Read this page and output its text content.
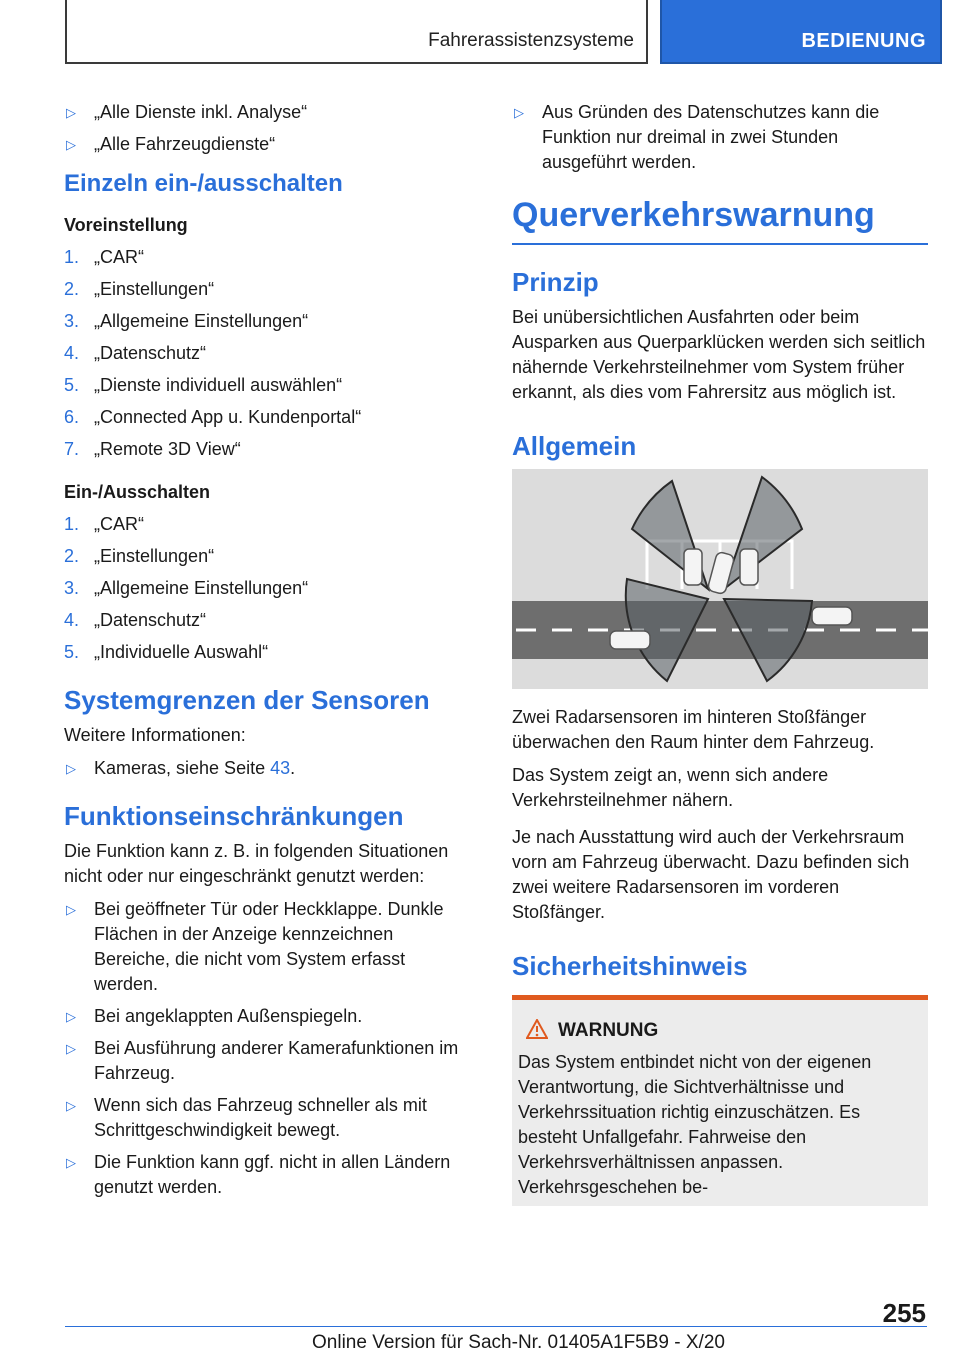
Fahrerassistenzsysteme	BEDIENUNG
▷ „Alle Dienste inkl. Analyse“
▷ „Alle Fahrzeugdienste“
Einzeln ein-/ausschalten
Voreinstellung
1. „CAR“
2. „Einstellungen“
3. „Allgemeine Einstellungen“
4. „Datenschutz“
5. „Dienste individuell auswählen“
6. „Connected App u. Kundenportal“
7. „Remote 3D View“
Ein-/Ausschalten
1. „CAR“
2. „Einstellungen“
3. „Allgemeine Einstellungen“
4. „Datenschutz“
5. „Individuelle Auswahl“
Systemgrenzen der Sensoren
Weitere Informationen:
▷ Kameras, siehe Seite 43.
Funktionseinschränkungen
Die Funktion kann z. B. in folgenden Situationen nicht oder nur eingeschränkt genutzt werden:
▷ Bei geöffneter Tür oder Heckklappe. Dunkle Flächen in der Anzeige kennzeichnen Bereiche, die nicht vom System erfasst werden.
▷ Bei angeklappten Außenspiegeln.
▷ Bei Ausführung anderer Kamerafunktionen im Fahrzeug.
▷ Wenn sich das Fahrzeug schneller als mit Schrittgeschwindigkeit bewegt.
▷ Die Funktion kann ggf. nicht in allen Ländern genutzt werden.
▷ Aus Gründen des Datenschutzes kann die Funktion nur dreimal in zwei Stunden ausgeführt werden.
Querverkehrswarnung
Prinzip
Bei unübersichtlichen Ausfahrten oder beim Ausparken aus Querparklücken werden sich seitlich nähernde Verkehrsteilnehmer vom System früher erkannt, als dies vom Fahrersitz aus möglich ist.
Allgemein
Zwei Radarsensoren im hinteren Stoßfänger überwachen den Raum hinter dem Fahrzeug.
Das System zeigt an, wenn sich andere Verkehrsteilnehmer nähern.
Je nach Ausstattung wird auch der Verkehrsraum vorn am Fahrzeug überwacht. Dazu befinden sich zwei weitere Radarsensoren im vorderen Stoßfänger.
Sicherheitshinweis
WARNUNG
Das System entbindet nicht von der eigenen Verantwortung, die Sichtverhältnisse und Verkehrssituation richtig einzuschätzen. Es besteht Unfallgefahr. Fahrweise den Verkehrsverhältnissen anpassen. Verkehrsgeschehen be-
255
Online Version für Sach-Nr. 01405A1F5B9 - X/20
